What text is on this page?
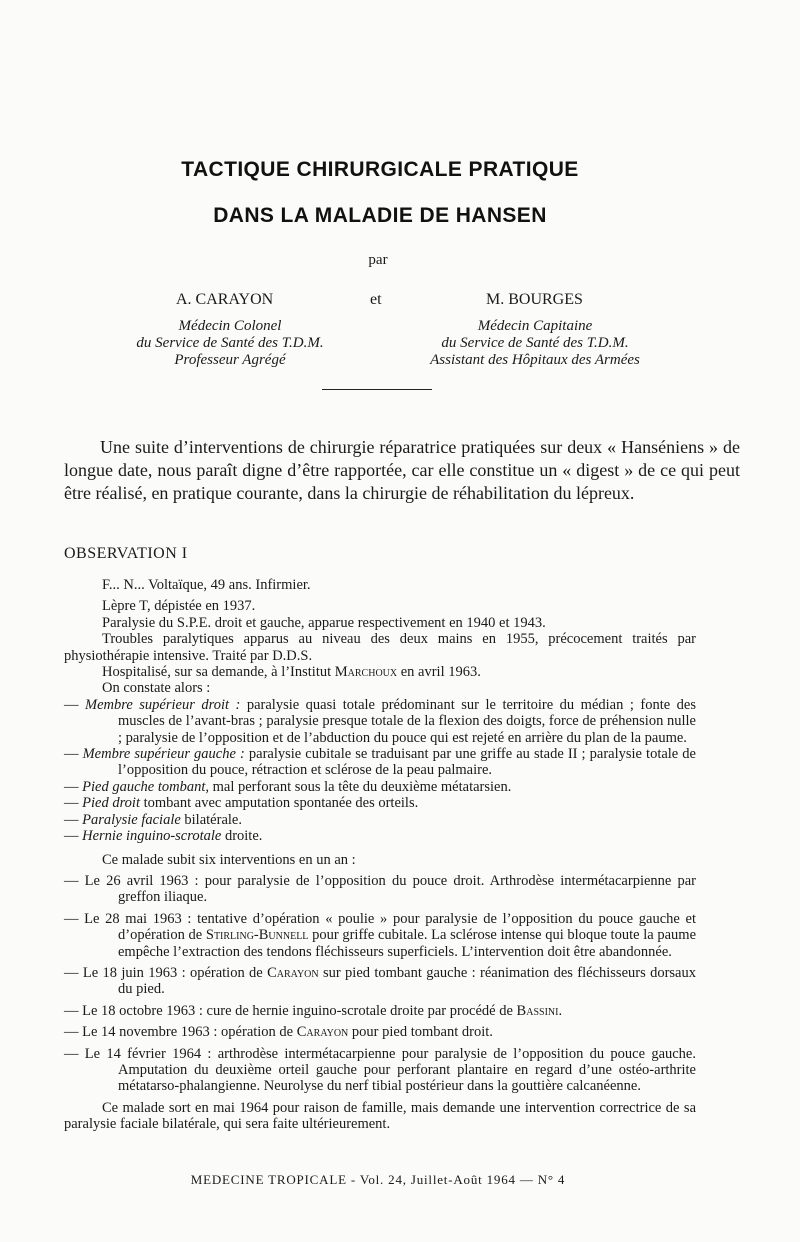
TACTIQUE CHIRURGICALE PRATIQUE
DANS LA MALADIE DE HANSEN
par
A. CARAYON	et	M. BOURGES
Médecin Colonel
du Service de Santé des T.D.M.
Professeur Agrégé
Médecin Capitaine
du Service de Santé des T.D.M.
Assistant des Hôpitaux des Armées

Une suite d’interventions de chirurgie réparatrice pratiquées sur deux « Hanséniens » de longue date, nous paraît digne d’être rapportée, car elle constitue un « digest » de ce qui peut être réalisé, en pratique courante, dans la chirurgie de réhabilitation du lépreux.

OBSERVATION I

F... N... Voltaïque, 49 ans. Infirmier.

Lèpre T, dépistée en 1937.

Paralysie du S.P.E. droit et gauche, apparue respectivement en 1940 et 1943.

Troubles paralytiques apparus au niveau des deux mains en 1955, précocement traités par physiothérapie intensive. Traité par D.D.S.

Hospitalisé, sur sa demande, à l’Institut Marchoux en avril 1963.

On constate alors :

— Membre supérieur droit : paralysie quasi totale prédominant sur le territoire du médian ; fonte des muscles de l’avant-bras ; paralysie presque totale de la flexion des doigts, force de préhension nulle ; paralysie de l’opposition et de l’abduction du pouce qui est rejeté en arrière du plan de la paume.

— Membre supérieur gauche : paralysie cubitale se traduisant par une griffe au stade II ; paralysie totale de l’opposition du pouce, rétraction et sclérose de la peau palmaire.

— Pied gauche tombant, mal perforant sous la tête du deuxième métatarsien.

— Pied droit tombant avec amputation spontanée des orteils.

— Paralysie faciale bilatérale.

— Hernie inguino-scrotale droite.

Ce malade subit six interventions en un an :

— Le 26 avril 1963 : pour paralysie de l’opposition du pouce droit. Arthrodèse intermétacarpienne par greffon iliaque.

— Le 28 mai 1963 : tentative d’opération « poulie » pour paralysie de l’opposition du pouce gauche et d’opération de Stirling-Bunnell pour griffe cubitale. La sclérose intense qui bloque toute la paume empêche l’extraction des tendons fléchisseurs superficiels. L’intervention doit être abandonnée.

— Le 18 juin 1963 : opération de Carayon sur pied tombant gauche : réanimation des fléchisseurs dorsaux du pied.

— Le 18 octobre 1963 : cure de hernie inguino-scrotale droite par procédé de Bassini.

— Le 14 novembre 1963 : opération de Carayon pour pied tombant droit.

— Le 14 février 1964 : arthrodèse intermétacarpienne pour paralysie de l’opposition du pouce gauche. Amputation du deuxième orteil gauche pour perforant plantaire en regard d’une ostéo-arthrite métatarso-phalangienne. Neurolyse du nerf tibial postérieur dans la gouttière calcanéenne.

Ce malade sort en mai 1964 pour raison de famille, mais demande une intervention correctrice de sa paralysie faciale bilatérale, qui sera faite ultérieurement.

MEDECINE TROPICALE - Vol. 24, Juillet-Août 1964 — N° 4
